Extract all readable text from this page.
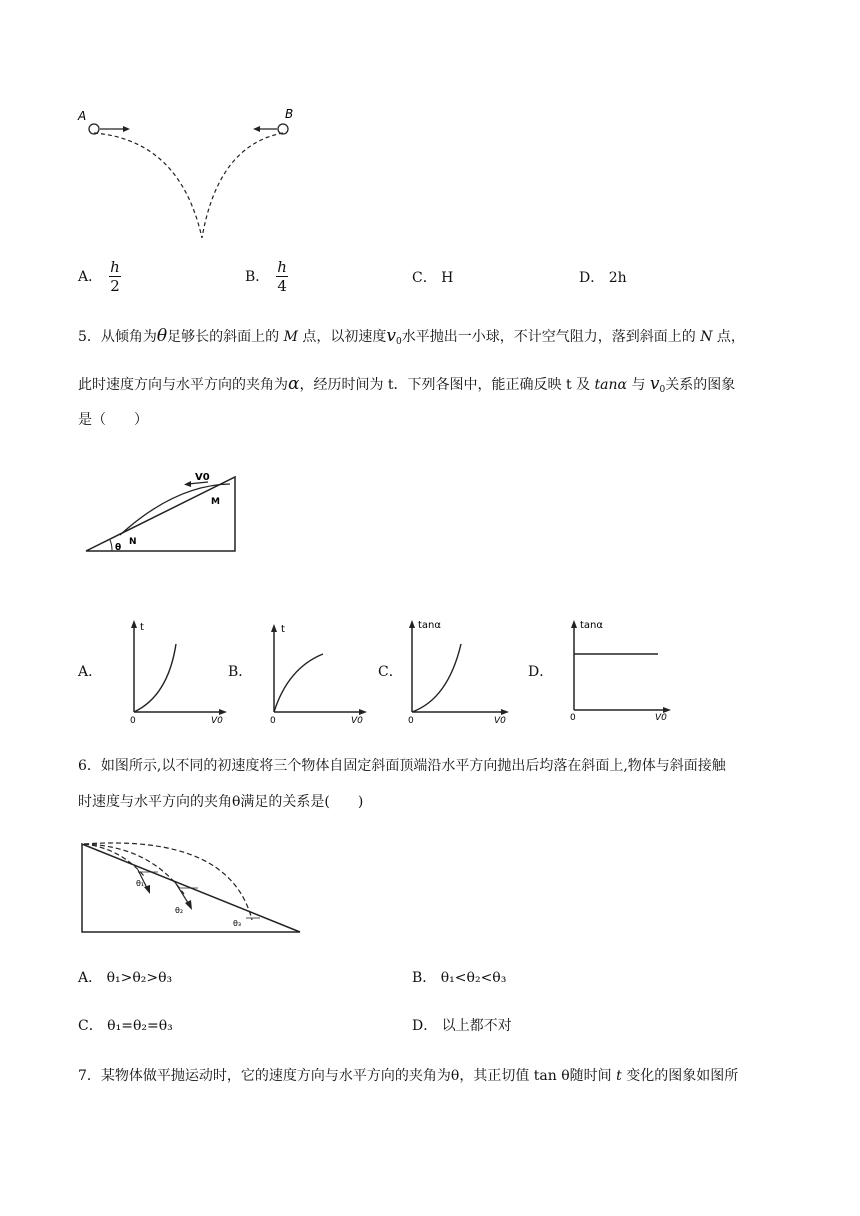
A	B
A． $\frac{h}{2}$	B． $\frac{h}{4}$	C． H	D． 2h
5．从倾角为θ足够长的斜面上的 M 点，以初速度$v_0$水平抛出一小球，不计空气阻力，落到斜面上的 N 点，
此时速度方向与水平方向的夹角为α，经历时间为 t．下列各图中，能正确反映 t 及 tanα 与 $v_0$关系的图象
是（　　）
V0
M
N
θ
A．
t
0	V0
B．
t
0	V0
C．
tanα
0	V0
D．
tanα
0	V0
6．如图所示,以不同的初速度将三个物体自固定斜面顶端沿水平方向抛出后均落在斜面上,物体与斜面接触
时速度与水平方向的夹角θ满足的关系是(　　)
θ₁
θ₂
θ₃
A． θ₁>θ₂>θ₃	B． θ₁<θ₂<θ₃
C． θ₁=θ₂=θ₃	D． 以上都不对
7．某物体做平抛运动时，它的速度方向与水平方向的夹角为θ，其正切值 tan θ随时间 t 变化的图象如图所
